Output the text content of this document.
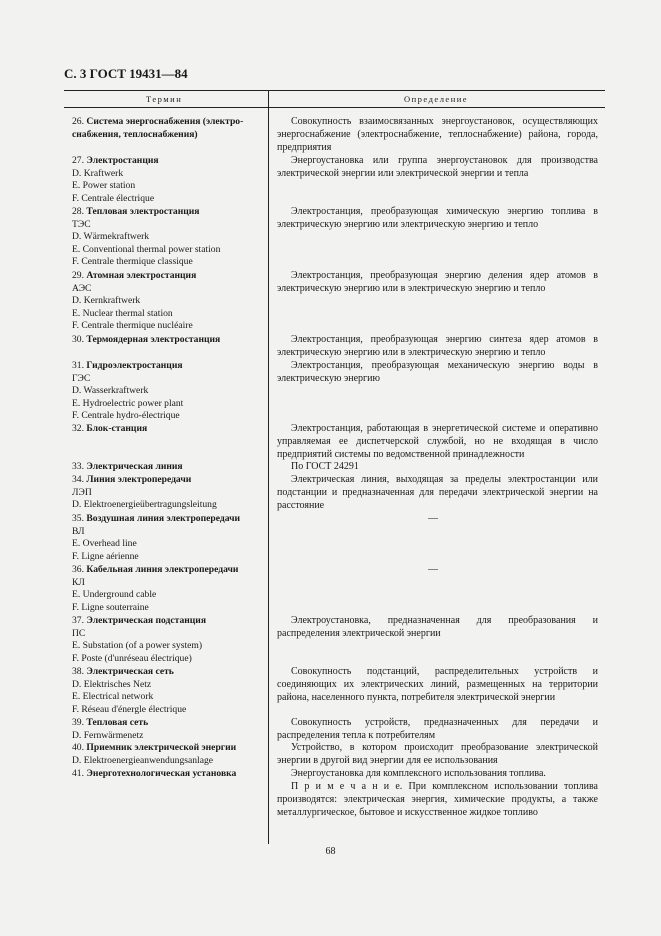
С. 3 ГОСТ 19431—84
Термин	Определение
26. Система энергоснабжения (электро-
снабжения, теплоснабжения)
27. Электростанция
D. Kraftwerk
E. Power station
F. Centrale électrique
28. Тепловая электростанция
ТЭС
D. Wärmekraftwerk
E. Conventional thermal power station
F. Centrale thermique classique
29. Атомная электростанция
АЭС
D. Kernkraftwerk
E. Nuclear thermal station
F. Centrale thermique nucléaire
30. Термоядерная электростанция
31. Гидроэлектростанция
ГЭС
D. Wasserkraftwerk
E. Hydroelectric power plant
F. Centrale hydro-électrique
32. Блок-станция
33. Электрическая линия
34. Линия электропередачи
ЛЭП
D. Elektroenergieübertragungsleitung
35. Воздушная линия электропередачи
ВЛ
E. Overhead line
F. Ligne aérienne
36. Кабельная линия электропередачи
КЛ
E. Underground cable
F. Ligne souterraine
37. Электрическая подстанция
ПС
E. Substation (of a power system)
F. Poste (d'unréseau électrique)
38. Электрическая сеть
D. Elektrisches Netz
E. Electrical network
F. Réseau d'énergle électrique
39. Тепловая сеть
D. Fernwärmenetz
40. Приемник электрической энергии
D. Elektroenergieanwendungsanlage
41. Энерготехнологическая установка
Совокупность взаимосвязанных энергоустановок, осуществляющих энергоснабжение (электроснабжение, теплоснабжение) района, города, предприятия
Энергоустановка или группа энергоустановок для производства электрической энергии или электрической энергии и тепла
Электростанция, преобразующая химическую энергию топлива в электрическую энергию или электрическую энергию и тепло
Электростанция, преобразующая энергию деления ядер атомов в электрическую энергию или в электрическую энергию и тепло
Электростанция, преобразующая энергию синтеза ядер атомов в электрическую энергию или в электрическую энергию и тепло
Электростанция, преобразующая механическую энергию воды в электрическую энергию
Электростанция, работающая в энергетической системе и оперативно управляемая ее диспетчерской службой, но не входящая в число предприятий системы по ведомственной принадлежности
По ГОСТ 24291
Электрическая линия, выходящая за пределы электростанции или подстанции и предназначенная для передачи электрической энергии на расстояние
—
—
Электроустановка, предназначенная для преобразования и распределения электрической энергии
Совокупность подстанций, распределительных устройств и соединяющих их электрических линий, размещенных на территории района, населенного пункта, потребителя электрической энергии
Совокупность устройств, предназначенных для передачи и распределения тепла к потребителям
Устройство, в котором происходит преобразование электрической энергии в другой вид энергии для ее использования
Энергоустановка для комплексного использования топлива.
П р и м е ч а н и е. При комплексном использовании топлива производятся: электрическая энергия, химические продукты, а также металлургическое, бытовое и искусственное жидкое топливо
68
